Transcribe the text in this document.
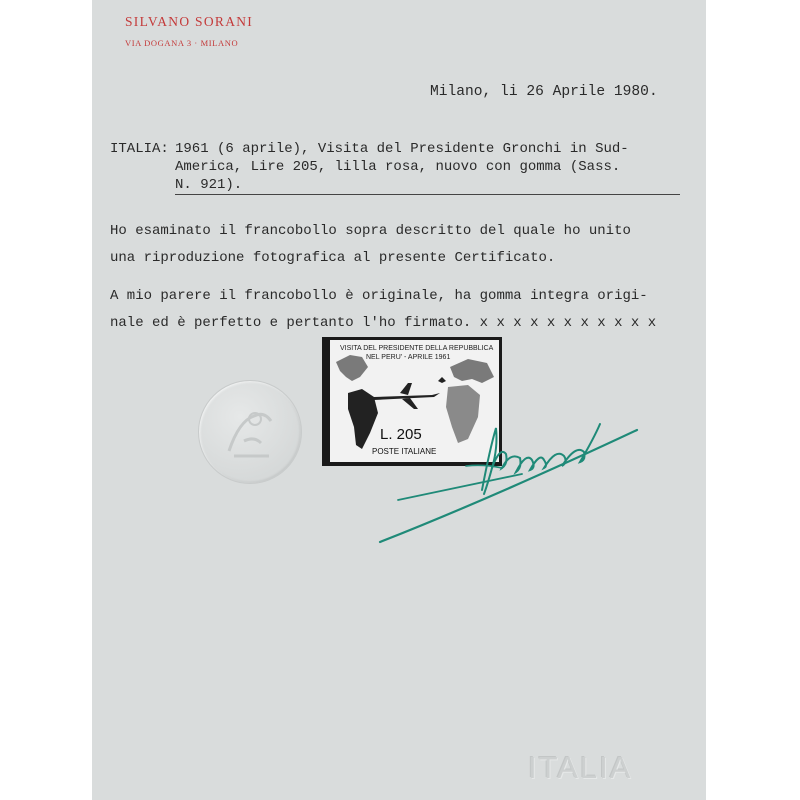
SILVANO SORANI
VIA DOGANA 3 · MILANO
Milano, li 26 Aprile 1980.
ITALIA: 1961 (6 aprile), Visita del Presidente Gronchi in Sud-
America, Lire 205, lilla rosa, nuovo con gomma (Sass.
N. 921).
Ho esaminato il francobollo sopra descritto del quale ho unito
una riproduzione fotografica al presente Certificato.
A mio parere il francobollo è originale, ha gomma integra origi-
nale ed è perfetto e pertanto l'ho firmato. x x x x x x x x x x x
VISITA DEL PRESIDENTE DELLA REPUBBLICA
NEL PERU' - APRILE 1961
L. 205
POSTE ITALIANE
ITALIA
